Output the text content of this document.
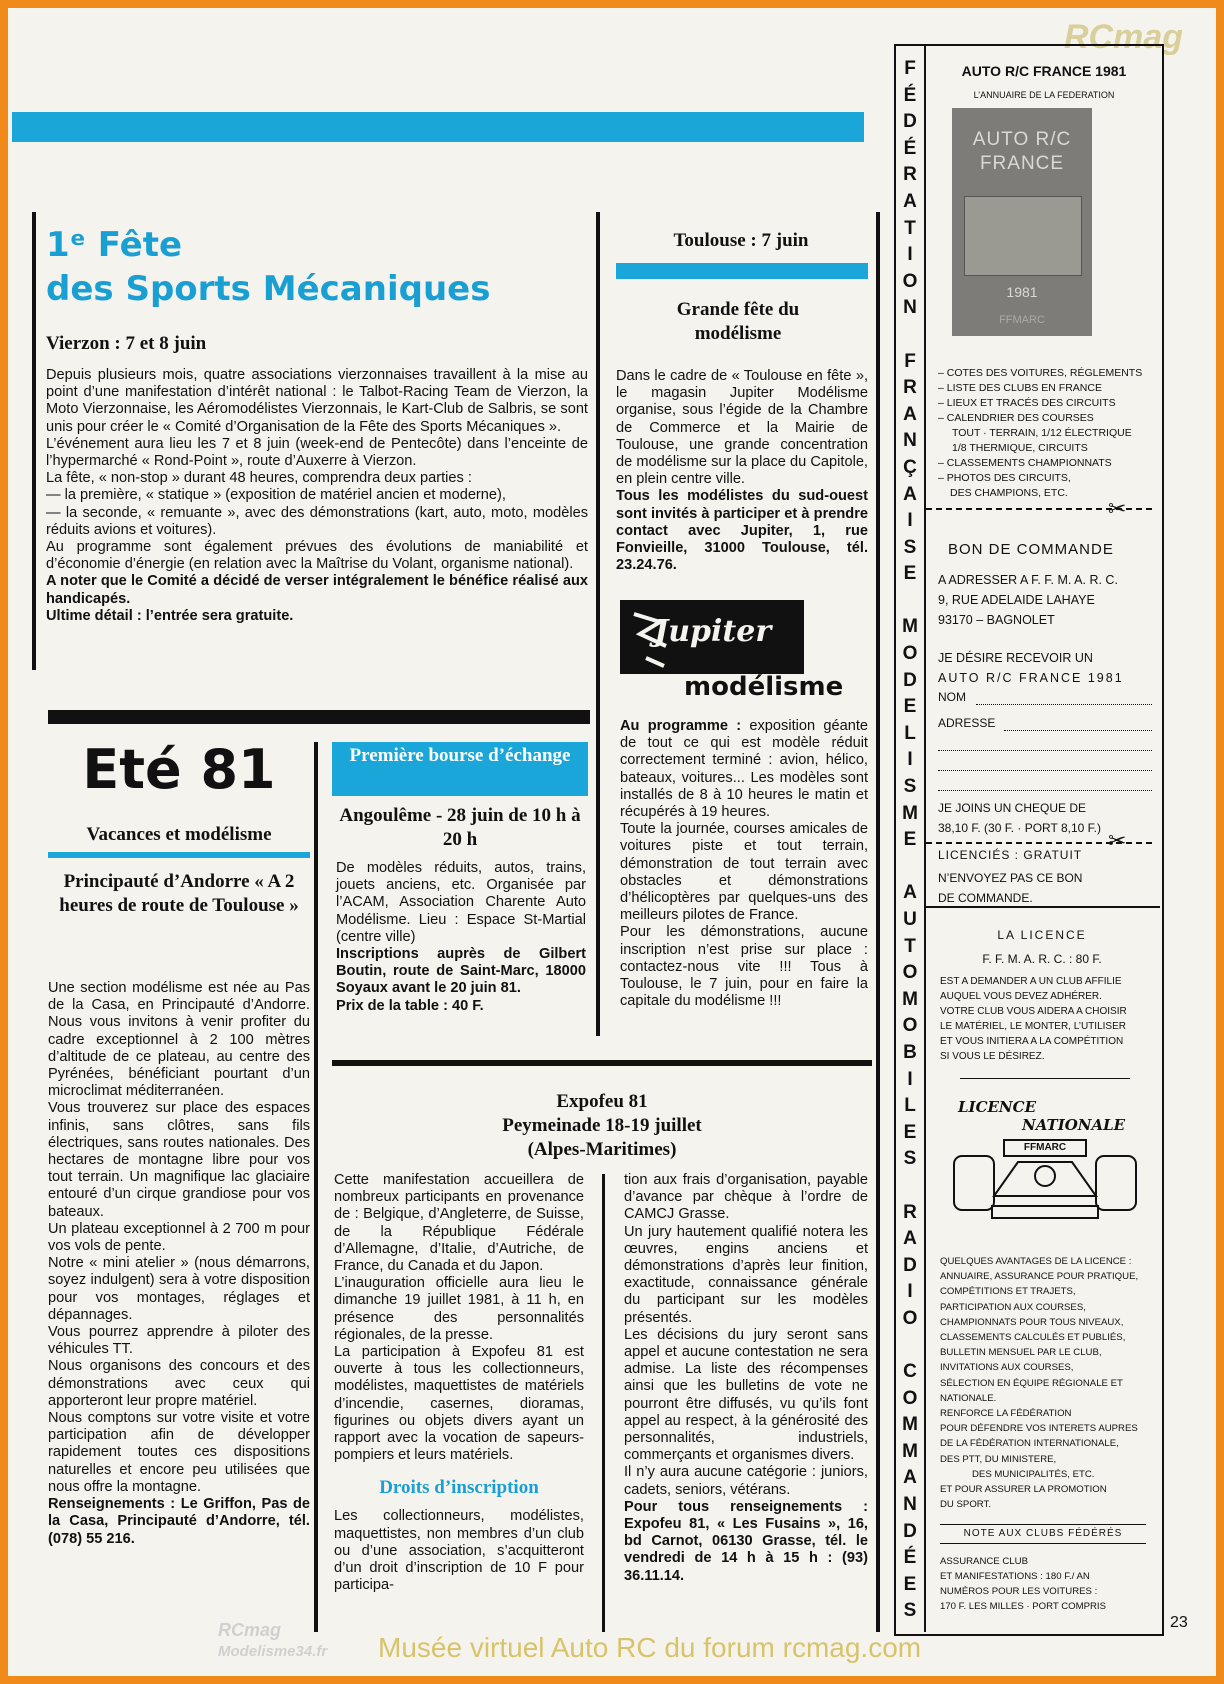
RCmag
1ᵉ Fête
des Sports Mécaniques
Vierzon : 7 et 8 juin

Depuis plusieurs mois, quatre associations vierzonnaises travaillent à la mise au point d’une manifestation d’intérêt national : le Talbot-Racing Team de Vierzon, la Moto Vierzonnaise, les Aéromodélistes Vierzonnais, le Kart-Club de Salbris, se sont unis pour créer le « Comité d’Organisation de la Fête des Sports Mécaniques ».

L’événement aura lieu les 7 et 8 juin (week-end de Pentecôte) dans l’enceinte de l’hypermarché « Rond-Point », route d’Auxerre à Vierzon.

La fête, « non-stop » durant 48 heures, comprendra deux parties :

— la première, « statique » (exposition de matériel ancien et moderne),

— la seconde, « remuante », avec des démonstrations (kart, auto, moto, modèles réduits avions et voitures).

Au programme sont également prévues des évolutions de maniabilité et d’économie d’énergie (en relation avec la Maîtrise du Volant, organisme national).

A noter que le Comité a décidé de verser intégralement le bénéfice réalisé aux handicapés.

Ultime détail : l’entrée sera gratuite.

Toulouse : 7 juin
Grande fête du modélisme

Dans le cadre de « Toulouse en fête », le magasin Jupiter Modélisme organise, sous l’égide de la Chambre de Commerce et la Mairie de Toulouse, une grande concentration de modélisme sur la place du Capitole, en plein centre ville.

Tous les modélistes du sud-ouest sont invités à participer et à prendre contact avec Jupiter, 1, rue Fonvieille, 31000 Toulouse, tél. 23.24.76.

Jupiter
modélisme

Au programme : exposition géante de tout ce qui est modèle réduit correctement terminé : avion, hélico, bateaux, voitures... Les modèles sont installés de 8 à 10 heures le matin et récupérés à 19 heures.

Toute la journée, courses amicales de voitures piste et tout terrain, démonstration de tout terrain avec obstacles et démonstrations d’hélicoptères par quelques-uns des meilleurs pilotes de France.

Pour les démonstrations, aucune inscription n’est prise sur place : contactez-nous vite !!! Tous à Toulouse, le 7 juin, pour en faire la capitale du modélisme !!!

Eté 81
Vacances et modélisme
Principauté d’Andorre « A 2 heures de route de Toulouse »

Une section modélisme est née au Pas de la Casa, en Principauté d’Andorre. Nous vous invitons à venir profiter du cadre exceptionnel à 2 100 mètres d’altitude de ce plateau, au centre des Pyrénées, bénéficiant pourtant d’un microclimat méditerranéen.

Vous trouverez sur place des espaces infinis, sans clôtres, sans fils électriques, sans routes nationales. Des hectares de montagne libre pour vos tout terrain. Un magnifique lac glaciaire entouré d’un cirque grandiose pour vos bateaux.

Un plateau exceptionnel à 2 700 m pour vos vols de pente.

Notre « mini atelier » (nous démarrons, soyez indulgent) sera à votre disposition pour vos montages, réglages et dépannages.

Vous pourrez apprendre à piloter des véhicules TT.

Nous organisons des concours et des démonstrations avec ceux qui apporteront leur propre matériel.

Nous comptons sur votre visite et votre participation afin de développer rapidement toutes ces dispositions naturelles et encore peu utilisées que nous offre la montagne.

Renseignements : Le Griffon, Pas de la Casa, Principauté d’Andorre, tél. (078) 55 216.

Première bourse d’échange
Angoulême - 28 juin de 10 h à 20 h

De modèles réduits, autos, trains, jouets anciens, etc. Organisée par l’ACAM, Association Charente Auto Modélisme. Lieu : Espace St-Martial (centre ville)

Inscriptions auprès de Gilbert Boutin, route de Saint-Marc, 18000 Soyaux avant le 20 juin 81.

Prix de la table : 40 F.

Expofeu 81
Peymeinade 18-19 juillet
(Alpes-Maritimes)

Cette manifestation accueillera de nombreux participants en provenance de : Belgique, d’Angleterre, de Suisse, de la République Fédérale d’Allemagne, d’Italie, d’Autriche, de France, du Canada et du Japon.

L’inauguration officielle aura lieu le dimanche 19 juillet 1981, à 11 h, en présence des personnalités régionales, de la presse.

La participation à Expofeu 81 est ouverte à tous les collectionneurs, modélistes, maquettistes de matériels d’incendie, casernes, dioramas, figurines ou objets divers ayant un rapport avec la vocation de sapeurs-pompiers et leurs matériels.

Droits d’inscription

Les collectionneurs, modélistes, maquettistes, non membres d’un club ou d’une association, s’acquitteront d’un droit d’inscription de 10 F pour participa-

tion aux frais d’organisation, payable d’avance par chèque à l’ordre de CAMCJ Grasse.

Un jury hautement qualifié notera les œuvres, engins anciens et démonstrations d’après leur finition, exactitude, connaissance générale du participant sur les modèles présentés.

Les décisions du jury seront sans appel et aucune contestation ne sera admise. La liste des récompenses ainsi que les bulletins de vote ne pourront être diffusés, vu qu’ils font appel au respect, à la générosité des personnalités, industriels, commerçants et organismes divers.

Il n’y aura aucune catégorie : juniors, cadets, seniors, vétérans.

Pour tous renseignements : Expofeu 81, « Les Fusains », 16, bd Carnot, 06130 Grasse, tél. le vendredi de 14 h à 15 h : (93) 36.11.14.

F
É
D
É
R
A
T
I
O
N

F
R
A
N
Ç
A
I
S
E

M
O
D
E
L
I
S
M
E

A
U
T
O
M
O
B
I
L
E
S

R
A
D
I
O

C
O
M
M
A
N
D
É
E
S
AUTO R/C FRANCE 1981
L’ANNUAIRE DE LA FEDERATION
AUTO R/C FRANCE
1981
FFMARC
– COTES DES VOITURES, RÉGLEMENTS
– LISTE DES CLUBS EN FRANCE
– LIEUX ET TRACÉS DES CIRCUITS
– CALENDRIER DES COURSES
TOUT · TERRAIN, 1/12 ÉLECTRIQUE
1/8 THERMIQUE, CIRCUITS
– CLASSEMENTS CHAMPIONNATS
– PHOTOS DES CIRCUITS,
DES CHAMPIONS, ETC.
✂
BON DE COMMANDE
A ADRESSER A F. F. M. A. R. C.
9, RUE ADELAIDE LAHAYE
93170 – BAGNOLET
JE DÉSIRE RECEVOIR UN
AUTO R/C FRANCE 1981
NOM
ADRESSE
JE JOINS UN CHEQUE DE
38,10 F. (30 F. · PORT 8,10 F.) ✂
LICENCIÉS : GRATUIT
N’ENVOYEZ PAS CE BON
DE COMMANDE.
LA LICENCE
F. F. M. A. R. C. : 80 F.
EST A DEMANDER A UN CLUB AFFILIE
AUQUEL VOUS DEVEZ ADHÉRER.
VOTRE CLUB VOUS AIDERA A CHOISIR
LE MATÉRIEL, LE MONTER, L’UTILISER
ET VOUS INITIERA A LA COMPÉTITION
SI VOUS LE DÉSIREZ.
LICENCE
NATIONALE
FFMARC
QUELQUES AVANTAGES DE LA LICENCE :
ANNUAIRE, ASSURANCE POUR PRATIQUE,
COMPÉTITIONS ET TRAJETS,
PARTICIPATION AUX COURSES,
CHAMPIONNATS POUR TOUS NIVEAUX,
CLASSEMENTS CALCULÉS ET PUBLIÉS,
BULLETIN MENSUEL PAR LE CLUB,
INVITATIONS AUX COURSES,
SÉLECTION EN ÉQUIPE RÉGIONALE ET
NATIONALE.
RENFORCE LA FÉDÉRATION
POUR DÉFENDRE VOS INTERETS AUPRES
DE LA FÉDÉRATION INTERNATIONALE,
DES PTT, DU MINISTERE,
DES MUNICIPALITÉS, ETC.
ET POUR ASSURER LA PROMOTION
DU SPORT.
NOTE AUX CLUBS FÉDÉRÉS
ASSURANCE CLUB
ET MANIFESTATIONS : 180 F./ AN
NUMÉROS POUR LES VOITURES :
170 F. LES MILLES · PORT COMPRIS
23
RCmag
Modelisme34.fr Musée virtuel Auto RC du forum rcmag.com
